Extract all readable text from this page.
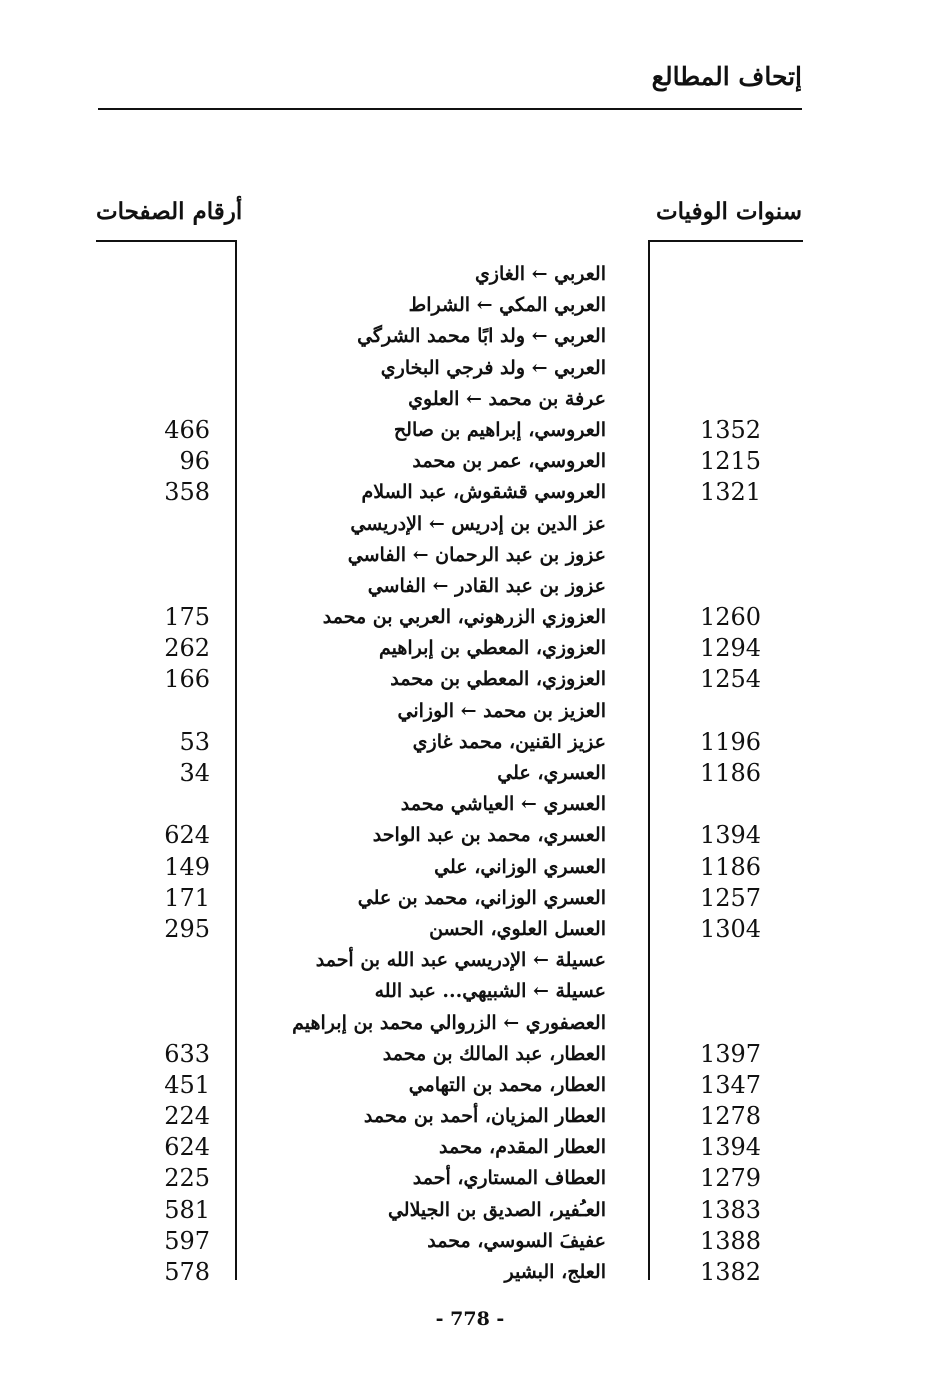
إتحاف المطالع
سنوات الوفيات
أرقام الصفحات
العربي ← الغازي
العربي المكي ← الشراط
العربي ← ولد ابًا محمد الشرگي
العربي ← ولد فرجي البخاري
عرفة بن محمد ← العلوي
466	العروسي، إبراهيم بن صالح	1352
96	العروسي، عمر بن محمد	1215
358	العروسي قشقوش، عبد السلام	1321
عز الدين بن إدريس ← الإدريسي
عزوز بن عبد الرحمان ← الفاسي
عزوز بن عبد القادر ← الفاسي
175	العزوزي الزرهوني، العربي بن محمد	1260
262	العزوزي، المعطي بن إبراهيم	1294
166	العزوزي، المعطي بن محمد	1254
العزيز بن محمد ← الوزاني
53	عزيز القنين، محمد غازي	1196
34	العسري، علي	1186
العسري ← العياشي محمد
624	العسري، محمد بن عبد الواحد	1394
149	العسري الوزاني، علي	1186
171	العسري الوزاني، محمد بن علي	1257
295	العسل العلوي، الحسن	1304
عسيلة ← الإدريسي عبد الله بن أحمد
عسيلة ← الشبيهي... عبد الله
العصفوري ← الزروالي محمد بن إبراهيم
633	العطار، عبد المالك بن محمد	1397
451	العطار، محمد بن التهامي	1347
224	العطار المزيان، أحمد بن محمد	1278
624	العطار المقدم، محمد	1394
225	العطاف المستاري، أحمد	1279
581	العـُفير، الصديق بن الجيلالي	1383
597	عفيفَ السوسي، محمد	1388
578	العلج، البشير	1382
- 778 -
